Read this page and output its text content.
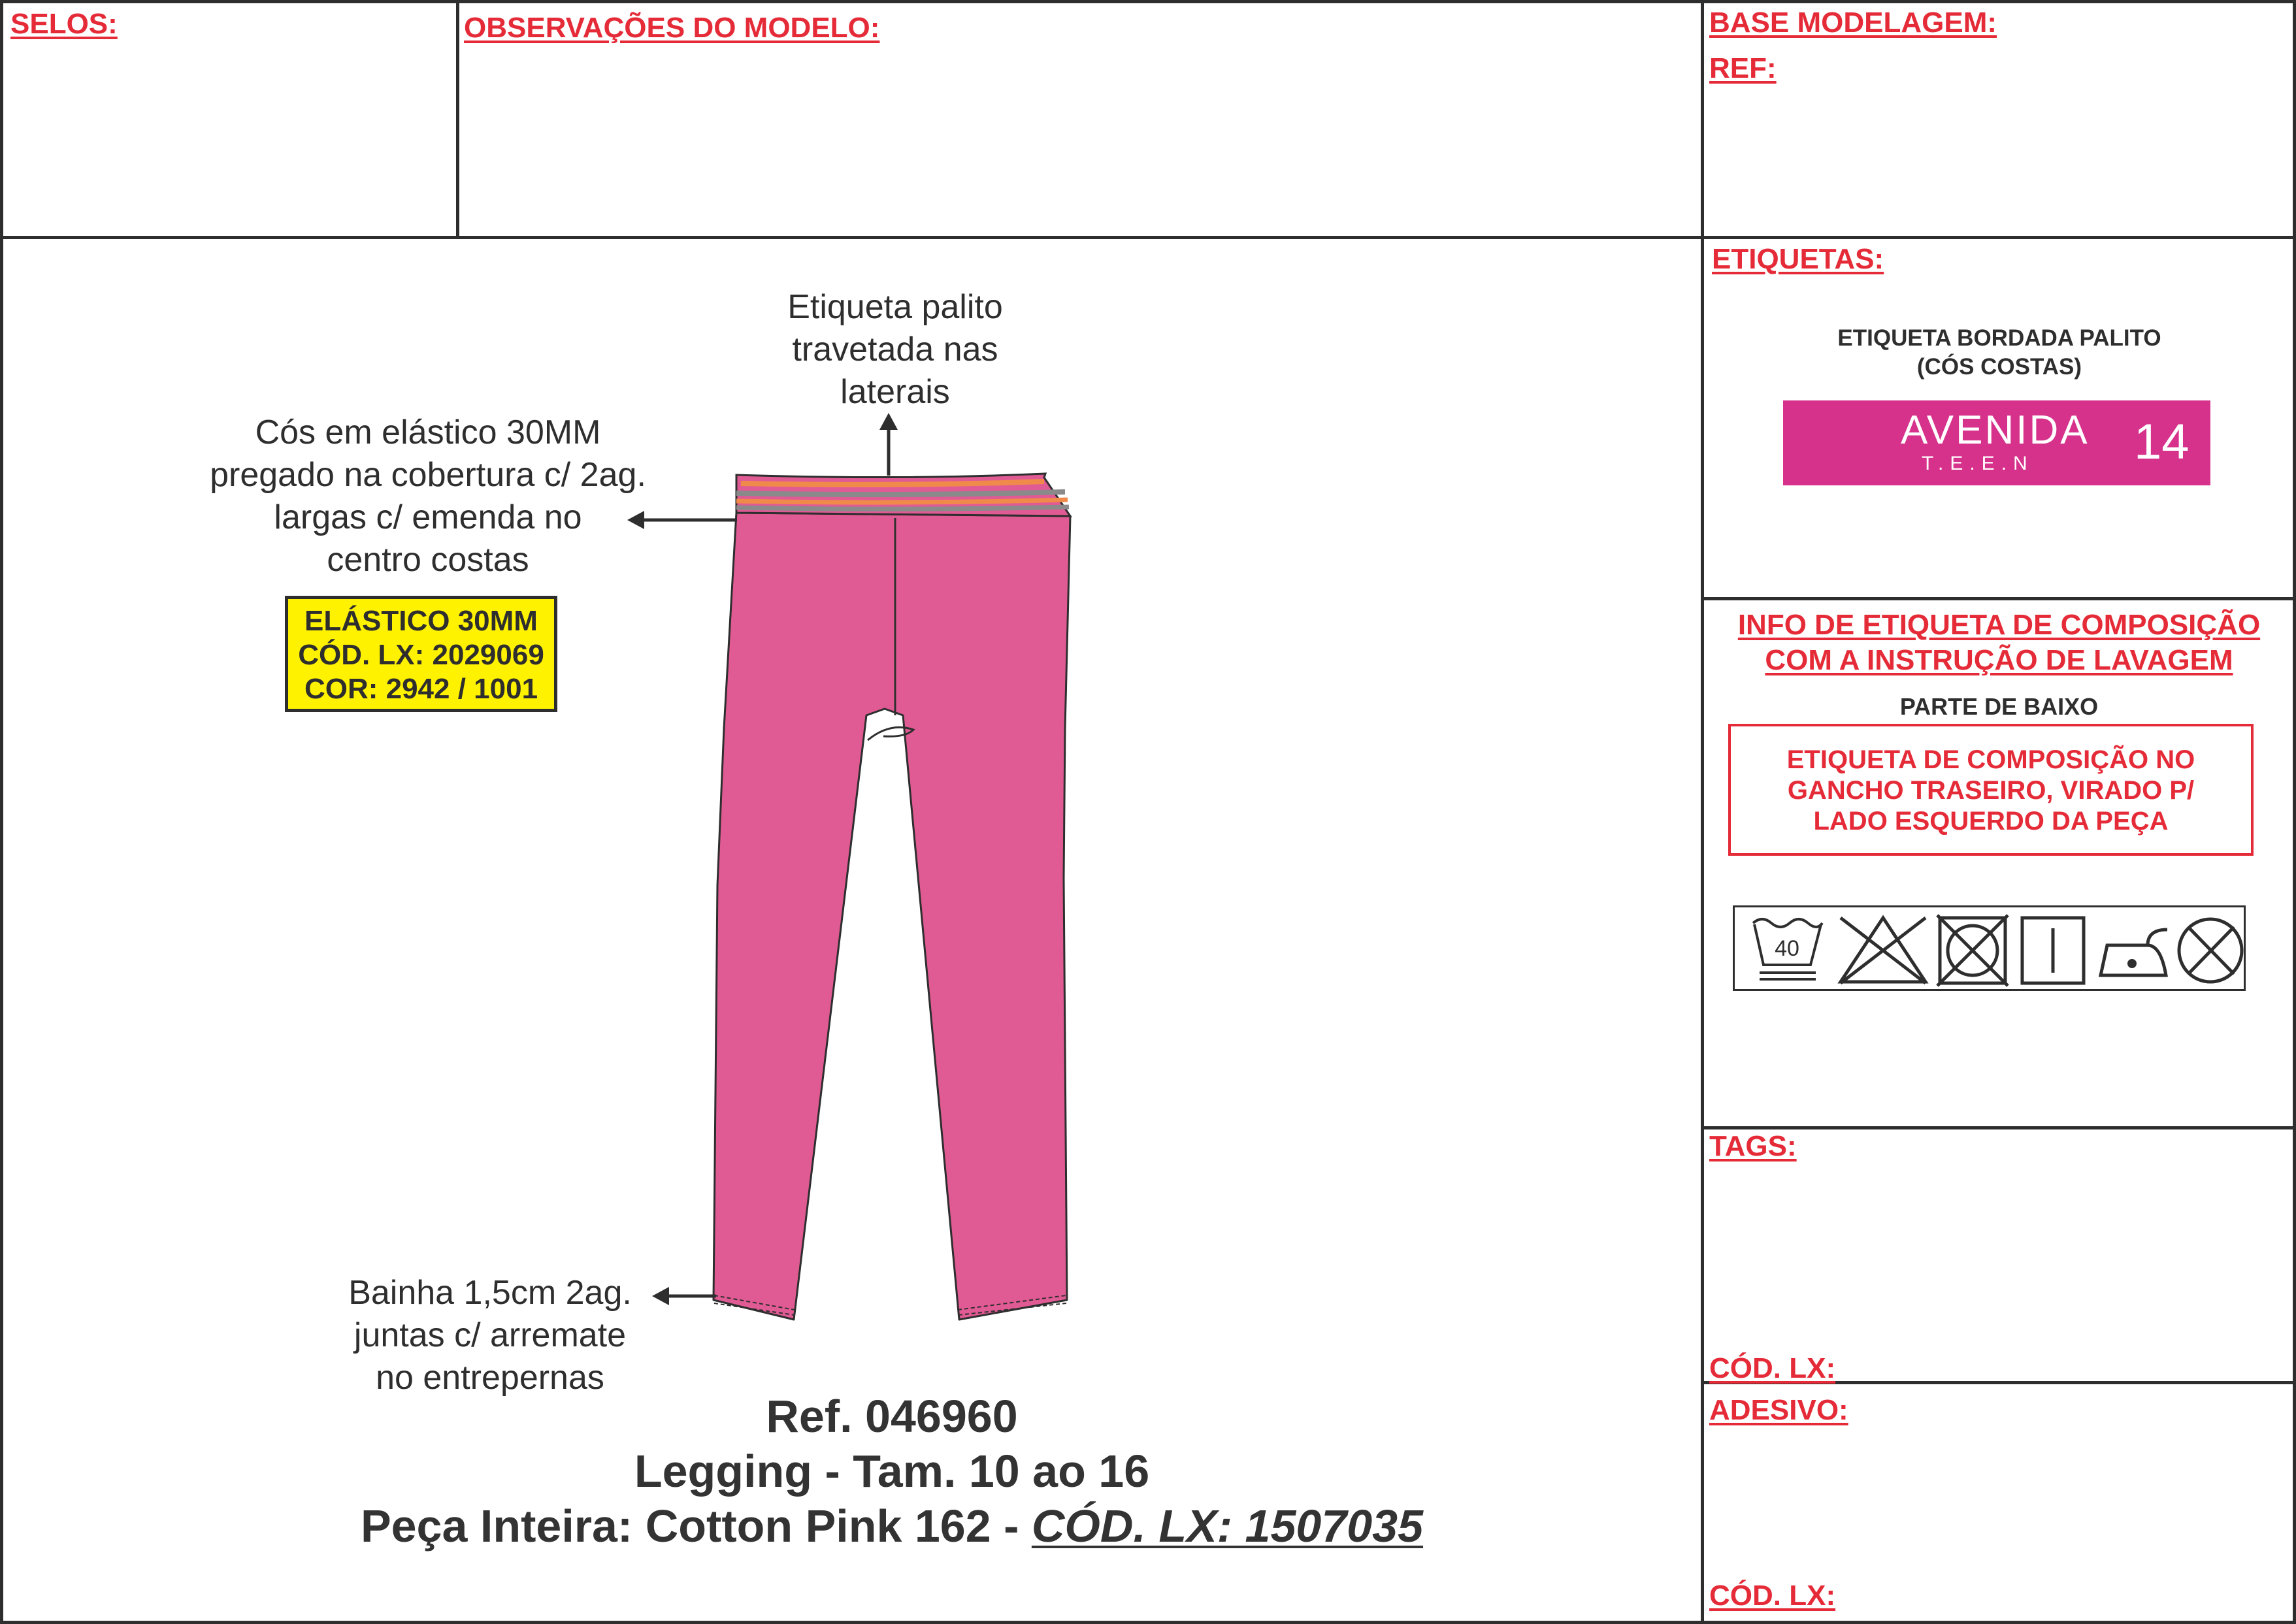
SELOS:	OBSERVAÇÕES DO MODELO:	BASE MODELAGEM:
REF:
ETIQUETAS:
ETIQUETA BORDADA PALITO
(CÓS COSTAS)
AVENIDA
T.E.E.N 14
INFO DE ETIQUETA DE COMPOSIÇÃO
COM A INSTRUÇÃO DE LAVAGEM
PARTE DE BAIXO
ETIQUETA DE COMPOSIÇÃO NO
GANCHO TRASEIRO, VIRADO P/
LADO ESQUERDO DA PEÇA
40
TAGS:
CÓD. LX:
ADESIVO:
CÓD. LX:
Etiqueta palito
travetada nas
laterais
Cós em elástico 30MM
pregado na cobertura c/ 2ag.
largas c/ emenda no
centro costas
Bainha 1,5cm 2ag.
juntas c/ arremate
no entrepernas
ELÁSTICO 30MM
CÓD. LX: 2029069
COR: 2942 / 1001
Ref. 046960
Legging - Tam. 10 ao 16
Peça Inteira: Cotton Pink 162 - CÓD. LX: 1507035
